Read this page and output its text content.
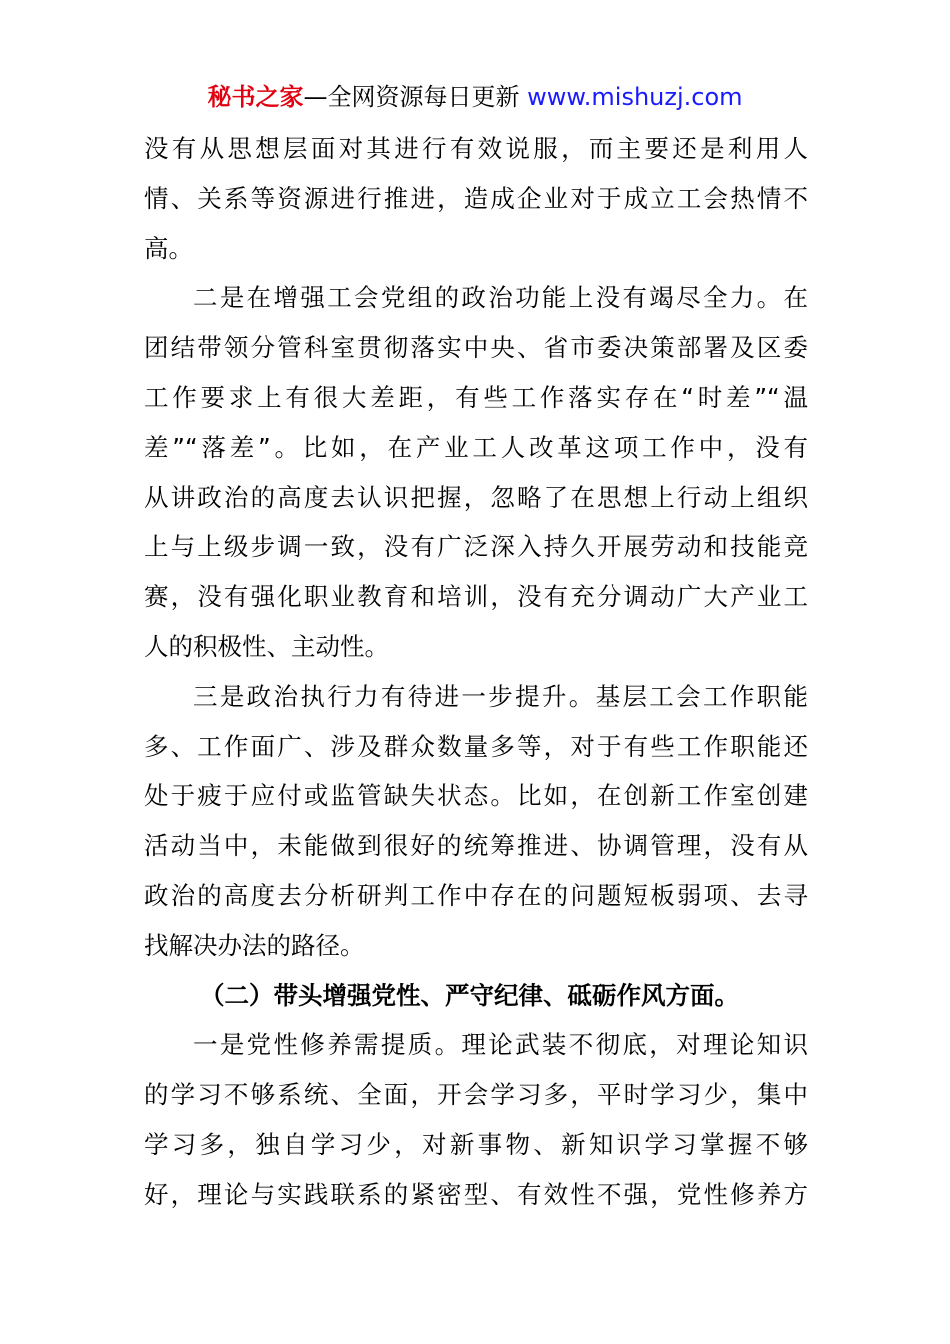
秘书之家—全网资源每日更新 www.mishuzj.com
没有从思想层面对其进行有效说服，而主要还是利用人
情、关系等资源进行推进，造成企业对于成立工会热情不
高。
二是在增强工会党组的政治功能上没有竭尽全力。在
团结带领分管科室贯彻落实中央、省市委决策部署及区委
工作要求上有很大差距，有些工作落实存在“时差”“温
差”“落差”。比如，在产业工人改革这项工作中，没有
从讲政治的高度去认识把握，忽略了在思想上行动上组织
上与上级步调一致，没有广泛深入持久开展劳动和技能竞
赛，没有强化职业教育和培训，没有充分调动广大产业工
人的积极性、主动性。
三是政治执行力有待进一步提升。基层工会工作职能
多、工作面广、涉及群众数量多等，对于有些工作职能还
处于疲于应付或监管缺失状态。比如，在创新工作室创建
活动当中，未能做到很好的统筹推进、协调管理，没有从
政治的高度去分析研判工作中存在的问题短板弱项、去寻
找解决办法的路径。
（二）带头增强党性、严守纪律、砥砺作风方面。
一是党性修养需提质。理论武装不彻底，对理论知识
的学习不够系统、全面，开会学习多，平时学习少，集中
学习多，独自学习少，对新事物、新知识学习掌握不够
好，理论与实践联系的紧密型、有效性不强，党性修养方
